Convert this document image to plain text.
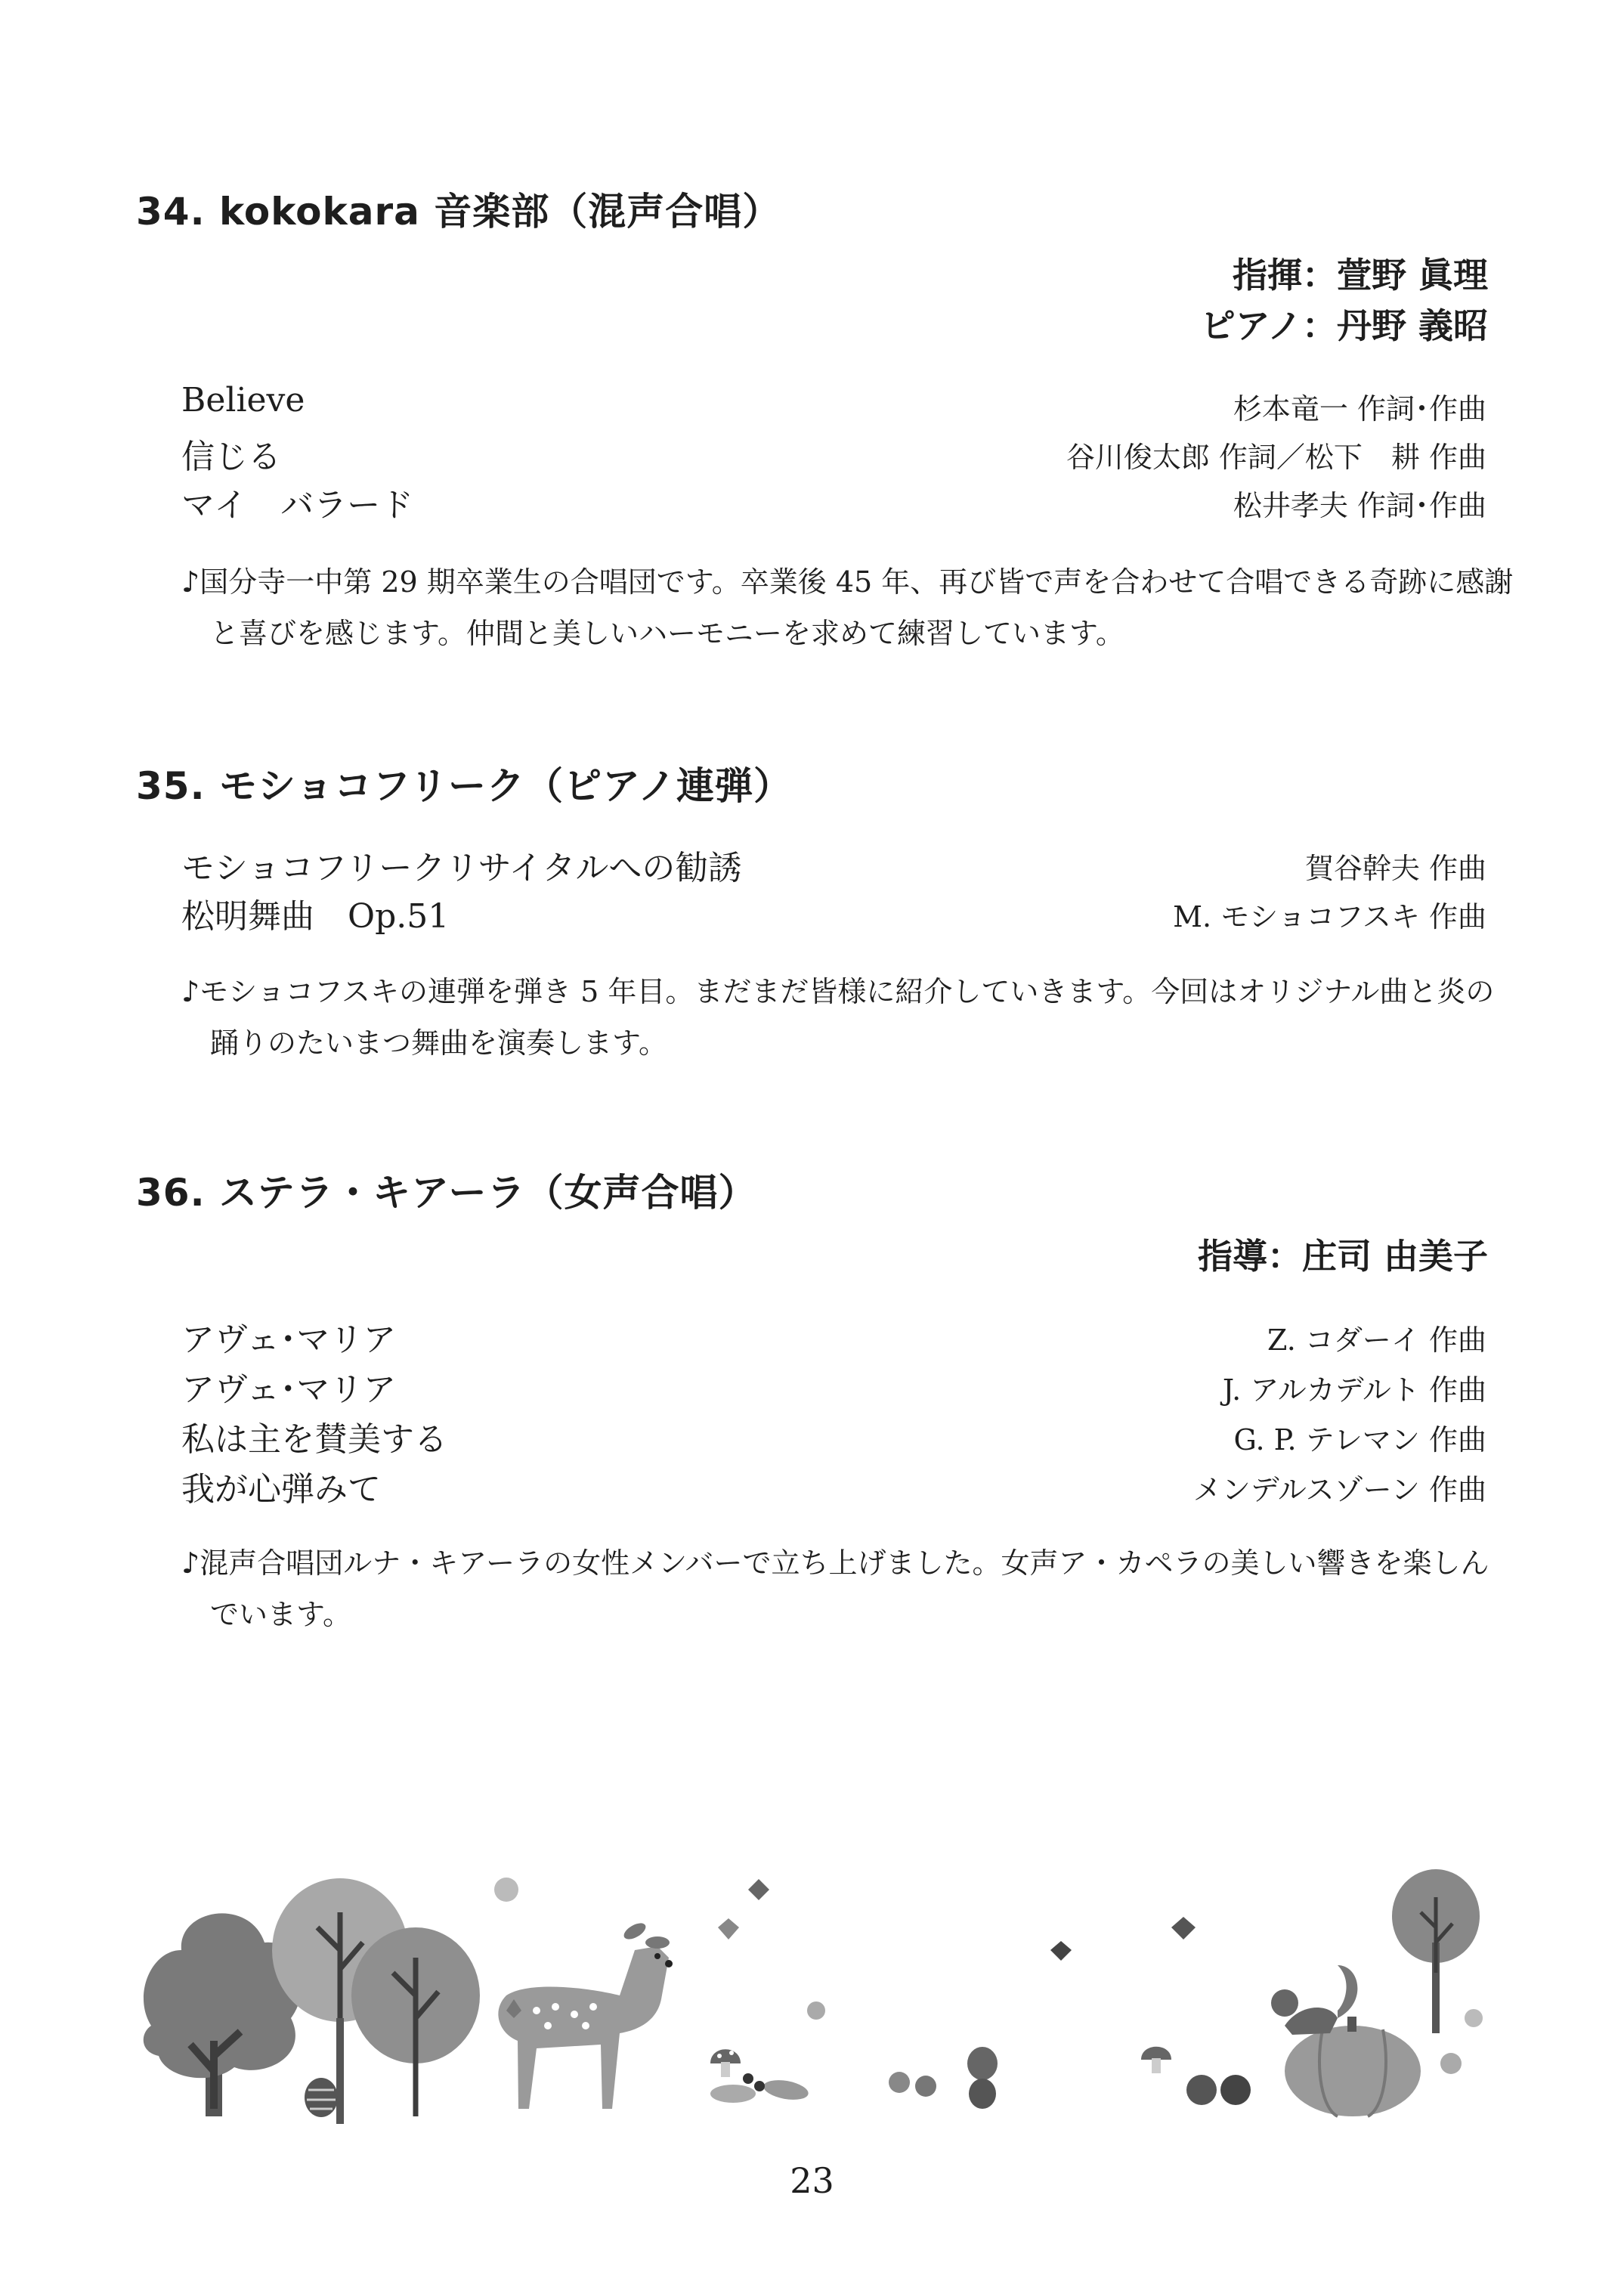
34. kokokara 音楽部（混声合唱）
指揮：萱野 眞理
ピアノ：丹野 義昭
Believe	杉本竜一 作詞･作曲
信じる	谷川俊太郎 作詞／松下　耕 作曲
マイ　バラード	松井孝夫 作詞･作曲
♪国分寺一中第 29 期卒業生の合唱団です。卒業後 45 年、再び皆で声を合わせて合唱できる奇跡に感謝と喜びを感じます。仲間と美しいハーモニーを求めて練習しています。
35. モショコフリーク（ピアノ連弾）
モショコフリークリサイタルへの勧誘	賀谷幹夫 作曲
松明舞曲　Op.51	M. モショコフスキ 作曲
♪モショコフスキの連弾を弾き 5 年目。まだまだ皆様に紹介していきます。今回はオリジナル曲と炎の踊りのたいまつ舞曲を演奏します。
36. ステラ・キアーラ（女声合唱）
指導：庄司 由美子
アヴェ･マリア	Z. コダーイ 作曲
アヴェ･マリア	J. アルカデルト 作曲
私は主を賛美する	G. P. テレマン 作曲
我が心弾みて	メンデルスゾーン 作曲
♪混声合唱団ルナ・キアーラの女性メンバーで立ち上げました。女声ア・カペラの美しい響きを楽しんでいます。
23
